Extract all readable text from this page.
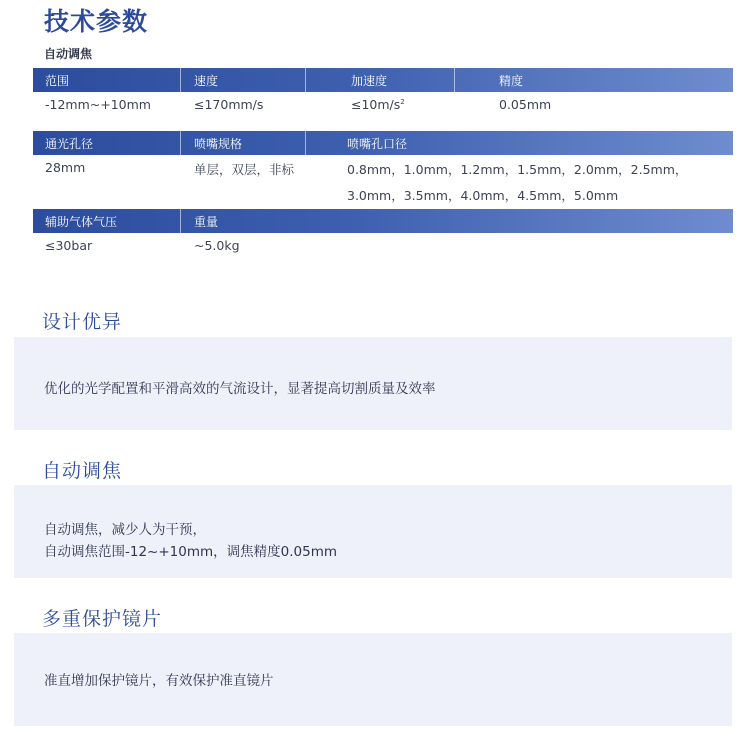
技术参数
自动调焦
范围	速度	加速度	精度
-12mm~+10mm	≤170mm/s	$\le 10m/s^2$	0.05mm
通光孔径	喷嘴规格	喷嘴孔口径
28mm	单层，双层，非标	0.8mm，1.0mm，1.2mm，1.5mm，2.0mm，2.5mm，
3.0mm，3.5mm，4.0mm，4.5mm，5.0mm
辅助气体气压	重量
≤30bar	~5.0kg
设计优异
优化的光学配置和平滑高效的气流设计，显著提高切割质量及效率
自动调焦
自动调焦，减少人为干预，
自动调焦范围-12~+10mm，调焦精度0.05mm
多重保护镜片
准直增加保护镜片，有效保护准直镜片
